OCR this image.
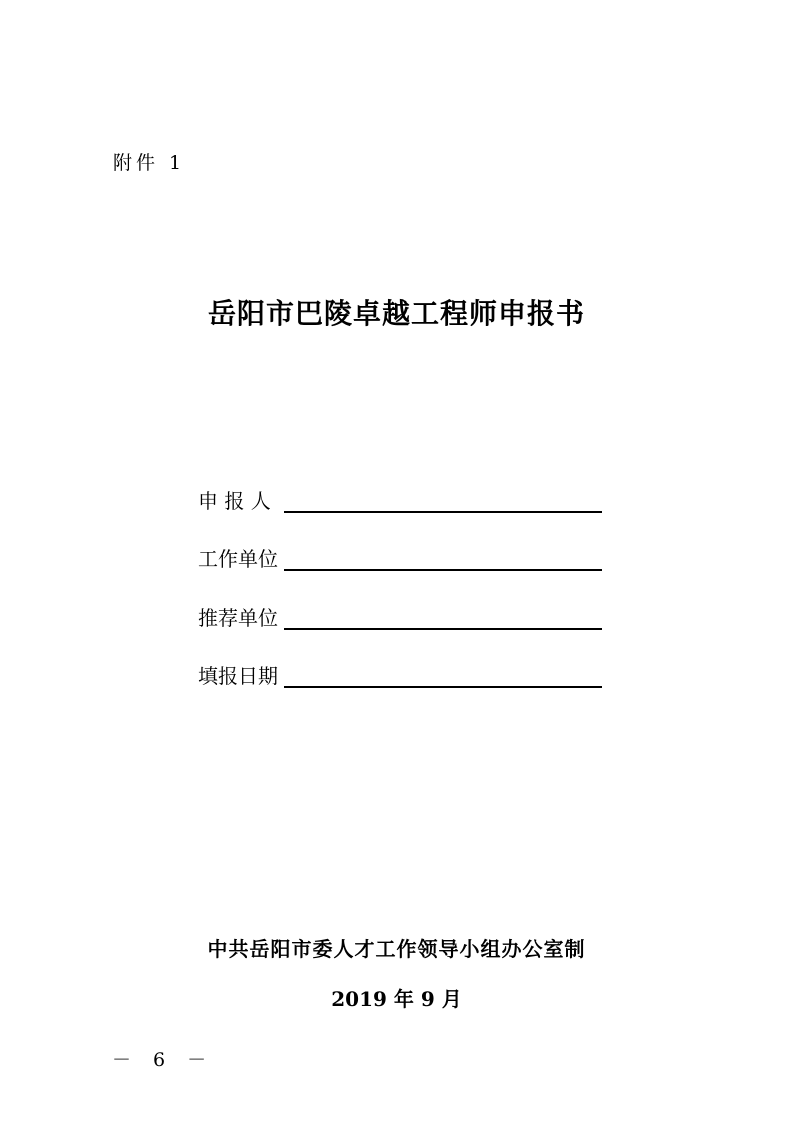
附件 1
岳阳市巴陵卓越工程师申报书
申 报 人
工作单位
推荐单位
填报日期
中共岳阳市委人才工作领导小组办公室制
2019 年 9 月
－ 6 －
